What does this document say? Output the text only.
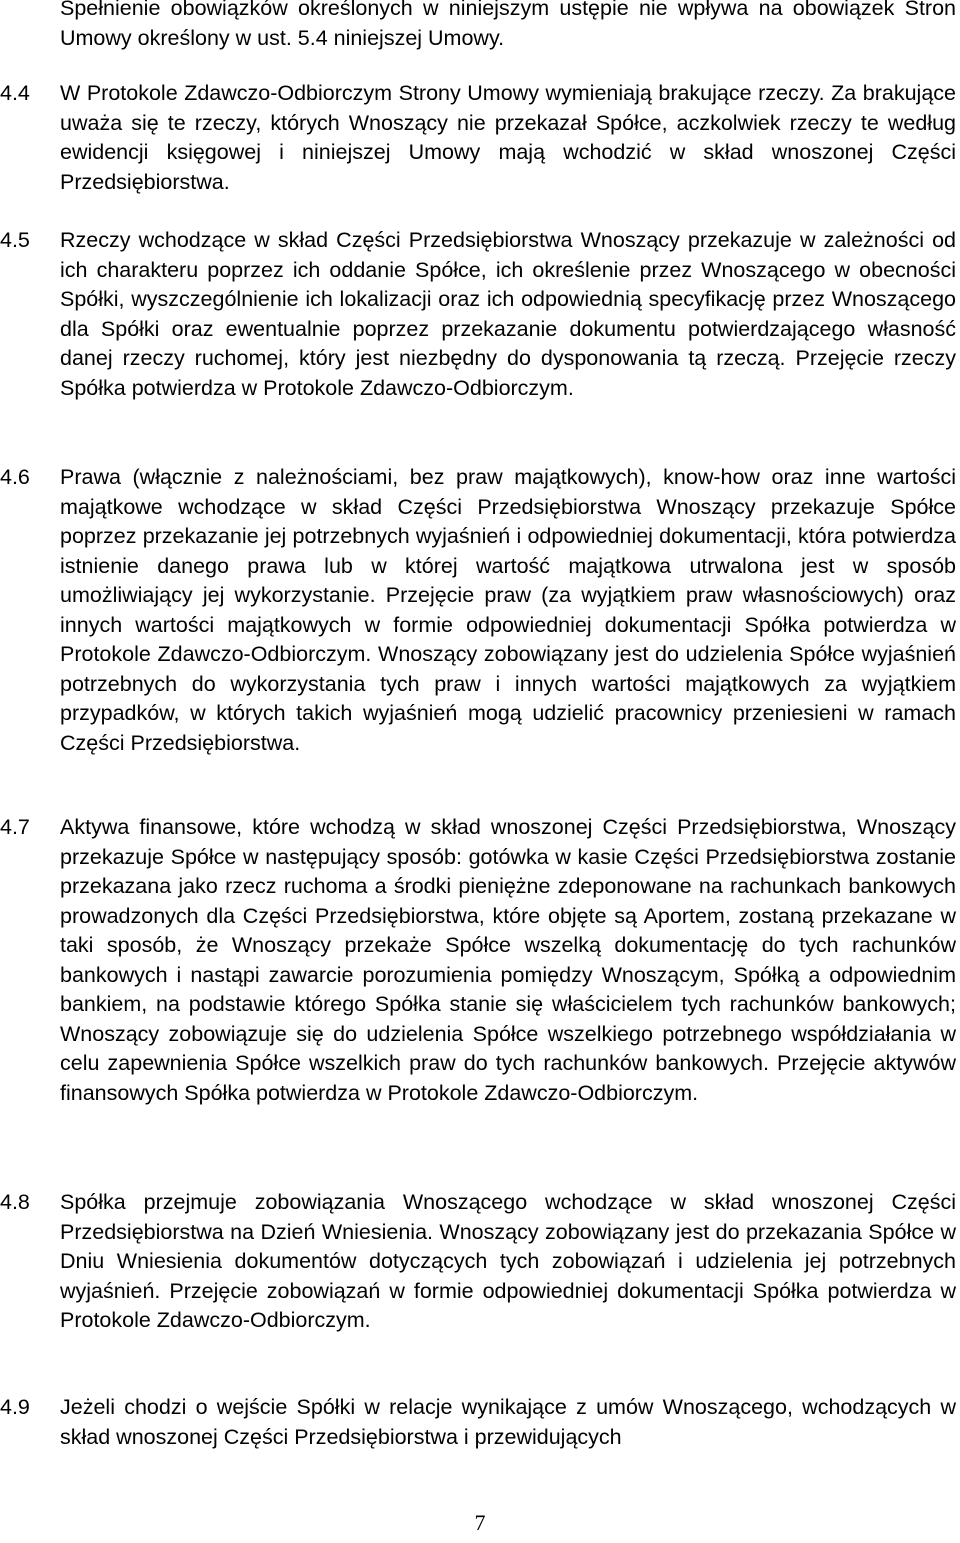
Spełnienie obowiązków określonych w niniejszym ustępie nie wpływa na obowiązek Stron Umowy określony w ust. 5.4 niniejszej Umowy.

4.4	W Protokole Zdawczo-Odbiorczym Strony Umowy wymieniają brakujące rzeczy. Za brakujące uważa się te rzeczy, których Wnoszący nie przekazał Spółce, aczkolwiek rzeczy te według ewidencji księgowej i niniejszej Umowy mają wchodzić w skład wnoszonej Części Przedsiębiorstwa.

4.5	Rzeczy wchodzące w skład Części Przedsiębiorstwa Wnoszący przekazuje w zależności od ich charakteru poprzez ich oddanie Spółce, ich określenie przez Wnoszącego w obecności Spółki, wyszczególnienie ich lokalizacji oraz ich odpowiednią specyfikację przez Wnoszącego dla Spółki oraz ewentualnie poprzez przekazanie dokumentu potwierdzającego własność danej rzeczy ruchomej, który jest niezbędny do dysponowania tą rzeczą. Przejęcie rzeczy Spółka potwierdza w Protokole Zdawczo-Odbiorczym.

4.6	Prawa (włącznie z należnościami, bez praw majątkowych), know-how oraz inne wartości majątkowe wchodzące w skład Części Przedsiębiorstwa Wnoszący przekazuje Spółce poprzez przekazanie jej potrzebnych wyjaśnień i odpowiedniej dokumentacji, która potwierdza istnienie danego prawa lub w której wartość majątkowa utrwalona jest w sposób umożliwiający jej wykorzystanie. Przejęcie praw (za wyjątkiem praw własnościowych) oraz innych wartości majątkowych w formie odpowiedniej dokumentacji Spółka potwierdza w Protokole Zdawczo-Odbiorczym. Wnoszący zobowiązany jest do udzielenia Spółce wyjaśnień potrzebnych do wykorzystania tych praw i innych wartości majątkowych za wyjątkiem przypadków, w których takich wyjaśnień mogą udzielić pracownicy przeniesieni w ramach Części Przedsiębiorstwa.

4.7	Aktywa finansowe, które wchodzą w skład wnoszonej Części Przedsiębiorstwa, Wnoszący przekazuje Spółce w następujący sposób: gotówka w kasie Części Przedsiębiorstwa zostanie przekazana jako rzecz ruchoma a środki pieniężne zdeponowane na rachunkach bankowych prowadzonych dla Części Przedsiębiorstwa, które objęte są Aportem, zostaną przekazane w taki sposób, że Wnoszący przekaże Spółce wszelką dokumentację do tych rachunków bankowych i nastąpi zawarcie porozumienia pomiędzy Wnoszącym, Spółką a odpowiednim bankiem, na podstawie którego Spółka stanie się właścicielem tych rachunków bankowych; Wnoszący zobowiązuje się do udzielenia Spółce wszelkiego potrzebnego współdziałania w celu zapewnienia Spółce wszelkich praw do tych rachunków bankowych. Przejęcie aktywów finansowych Spółka potwierdza w Protokole Zdawczo-Odbiorczym.

4.8	Spółka przejmuje zobowiązania Wnoszącego wchodzące w skład wnoszonej Części Przedsiębiorstwa na Dzień Wniesienia. Wnoszący zobowiązany jest do przekazania Spółce w Dniu Wniesienia dokumentów dotyczących tych zobowiązań i udzielenia jej potrzebnych wyjaśnień. Przejęcie zobowiązań w formie odpowiedniej dokumentacji Spółka potwierdza w Protokole Zdawczo-Odbiorczym.

4.9	Jeżeli chodzi o wejście Spółki w relacje wynikające z umów Wnoszącego, wchodzących w skład wnoszonej Części Przedsiębiorstwa i przewidujących

7
